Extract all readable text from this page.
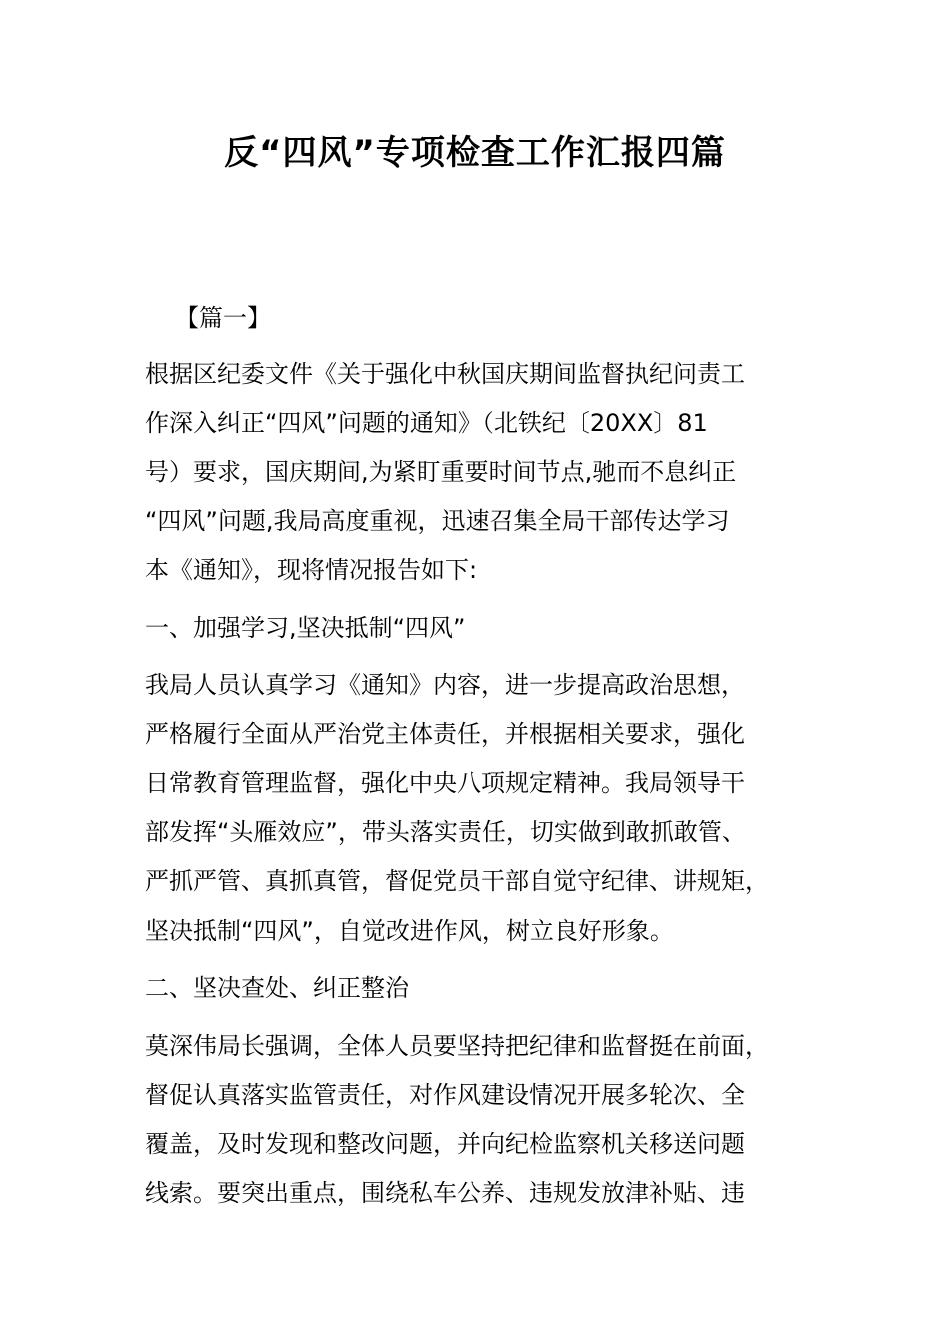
反“四风”专项检查工作汇报四篇
【篇一】
根据区纪委文件《关于强化中秋国庆期间监督执纪问责工
作深入纠正“四风”问题的通知》（北铁纪〔20XX〕81
号）要求，国庆期间,为紧盯重要时间节点,驰而不息纠正
“四风”问题,我局高度重视，迅速召集全局干部传达学习
本《通知》，现将情况报告如下:
一、加强学习,坚决抵制“四风”
我局人员认真学习《通知》内容，进一步提高政治思想，
严格履行全面从严治党主体责任，并根据相关要求，强化
日常教育管理监督，强化中央八项规定精神。我局领导干
部发挥“头雁效应”，带头落实责任，切实做到敢抓敢管、
严抓严管、真抓真管，督促党员干部自觉守纪律、讲规矩，
坚决抵制“四风”，自觉改进作风，树立良好形象。
二、坚决查处、纠正整治
莫深伟局长强调，全体人员要坚持把纪律和监督挺在前面，
督促认真落实监管责任，对作风建设情况开展多轮次、全
覆盖，及时发现和整改问题，并向纪检监察机关移送问题
线索。要突出重点，围绕私车公养、违规发放津补贴、违
